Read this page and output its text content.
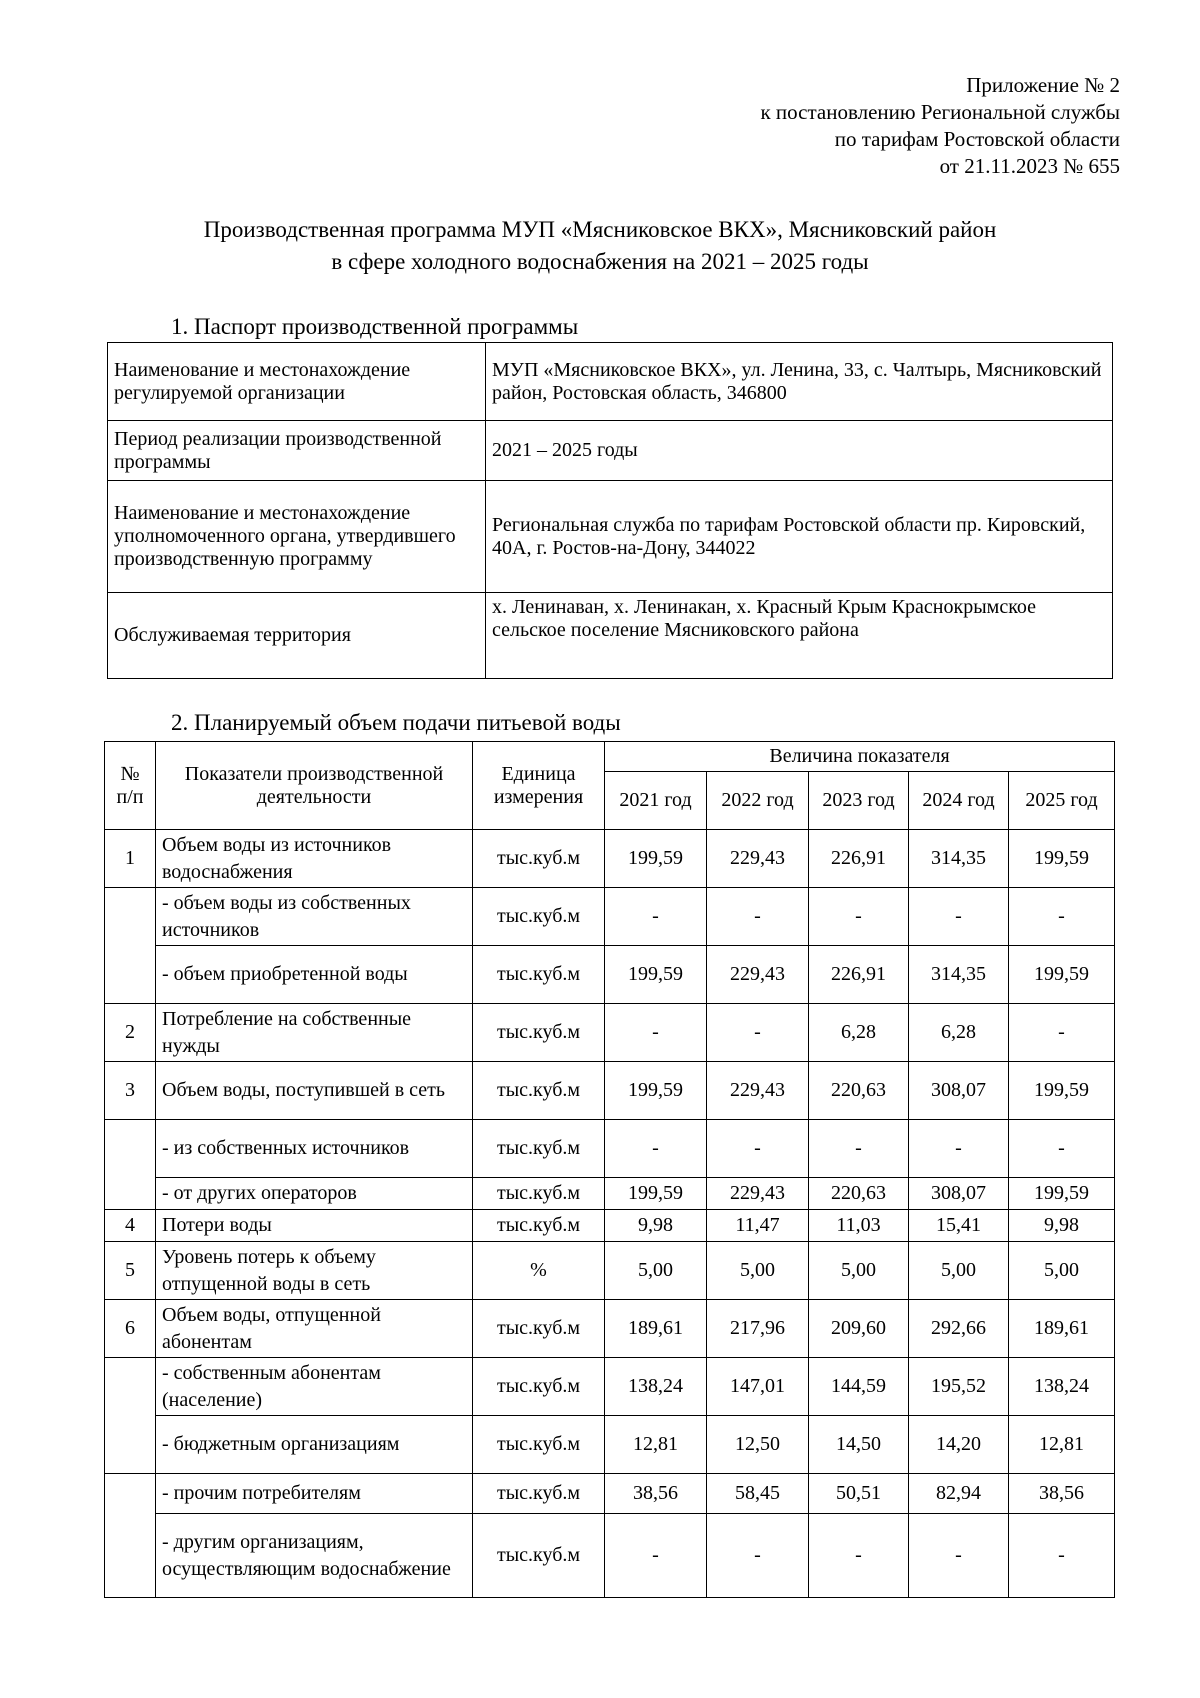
Приложение № 2
к постановлению Региональной службы
по тарифам Ростовской области
от 21.11.2023 № 655
Производственная программа МУП «Мясниковское ВКХ», Мясниковский район
в сфере холодного водоснабжения на 2021 – 2025 годы
1. Паспорт производственной программы
Наименование и местонахождение регулируемой организации	МУП «Мясниковское ВКХ», ул. Ленина, 33, с. Чалтырь, Мясниковский район, Ростовская область, 346800
Период реализации производственной программы	2021 – 2025 годы
Наименование и местонахождение уполномоченного органа, утвердившего производственную программу	Региональная служба по тарифам Ростовской области пр. Кировский, 40А, г. Ростов-на-Дону, 344022
Обслуживаемая территория	х. Ленинаван, х. Ленинакан, х. Красный Крым Краснокрымское сельское поселение Мясниковского района
2. Планируемый объем подачи питьевой воды
№ п/п	Показатели производственной деятельности	Единица измерения	Величина показателя				
			2021 год	2022 год	2023 год	2024 год	2025 год
1	Объем воды из источников водоснабжения	тыс.куб.м	199,59	229,43	226,91	314,35	199,59
	- объем воды из собственных источников	тыс.куб.м	-	-	-	-	-
	- объем приобретенной воды	тыс.куб.м	199,59	229,43	226,91	314,35	199,59
2	Потребление на собственные нужды	тыс.куб.м	-	-	6,28	6,28	-
3	Объем воды, поступившей в сеть	тыс.куб.м	199,59	229,43	220,63	308,07	199,59
	- из собственных источников	тыс.куб.м	-	-	-	-	-
	- от других операторов	тыс.куб.м	199,59	229,43	220,63	308,07	199,59
4	Потери воды	тыс.куб.м	9,98	11,47	11,03	15,41	9,98
5	Уровень потерь к объему отпущенной воды в сеть	%	5,00	5,00	5,00	5,00	5,00
6	Объем воды, отпущенной абонентам	тыс.куб.м	189,61	217,96	209,60	292,66	189,61
	- собственным абонентам (население)	тыс.куб.м	138,24	147,01	144,59	195,52	138,24
	- бюджетным организациям	тыс.куб.м	12,81	12,50	14,50	14,20	12,81
	- прочим потребителям	тыс.куб.м	38,56	58,45	50,51	82,94	38,56
	- другим организациям, осуществляющим водоснабжение	тыс.куб.м	-	-	-	-	-
